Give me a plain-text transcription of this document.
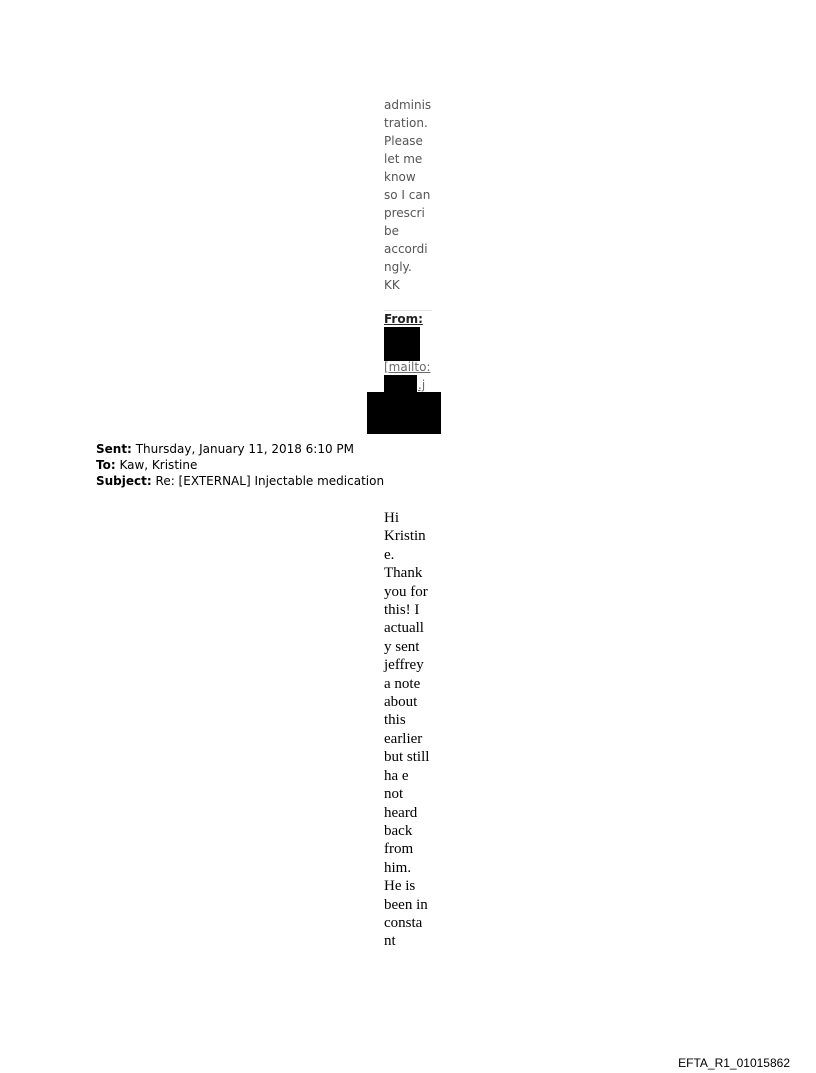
adminis
tration.
Please
let me
know
so I can
prescri
be
accordi
ngly.
KK
From:
[mailto:
.j
Sent: Thursday, January 11, 2018 6:10 PM
To: Kaw, Kristine
Subject: Re: [EXTERNAL] Injectable medication
Hi
Kristin
e.
Thank
you for
this! I
actuall
y sent
jeffrey
a note
about
this
earlier
but still
ha e
not
heard
back
from
him.
He is
been in
consta
nt
EFTA_R1_01015862
